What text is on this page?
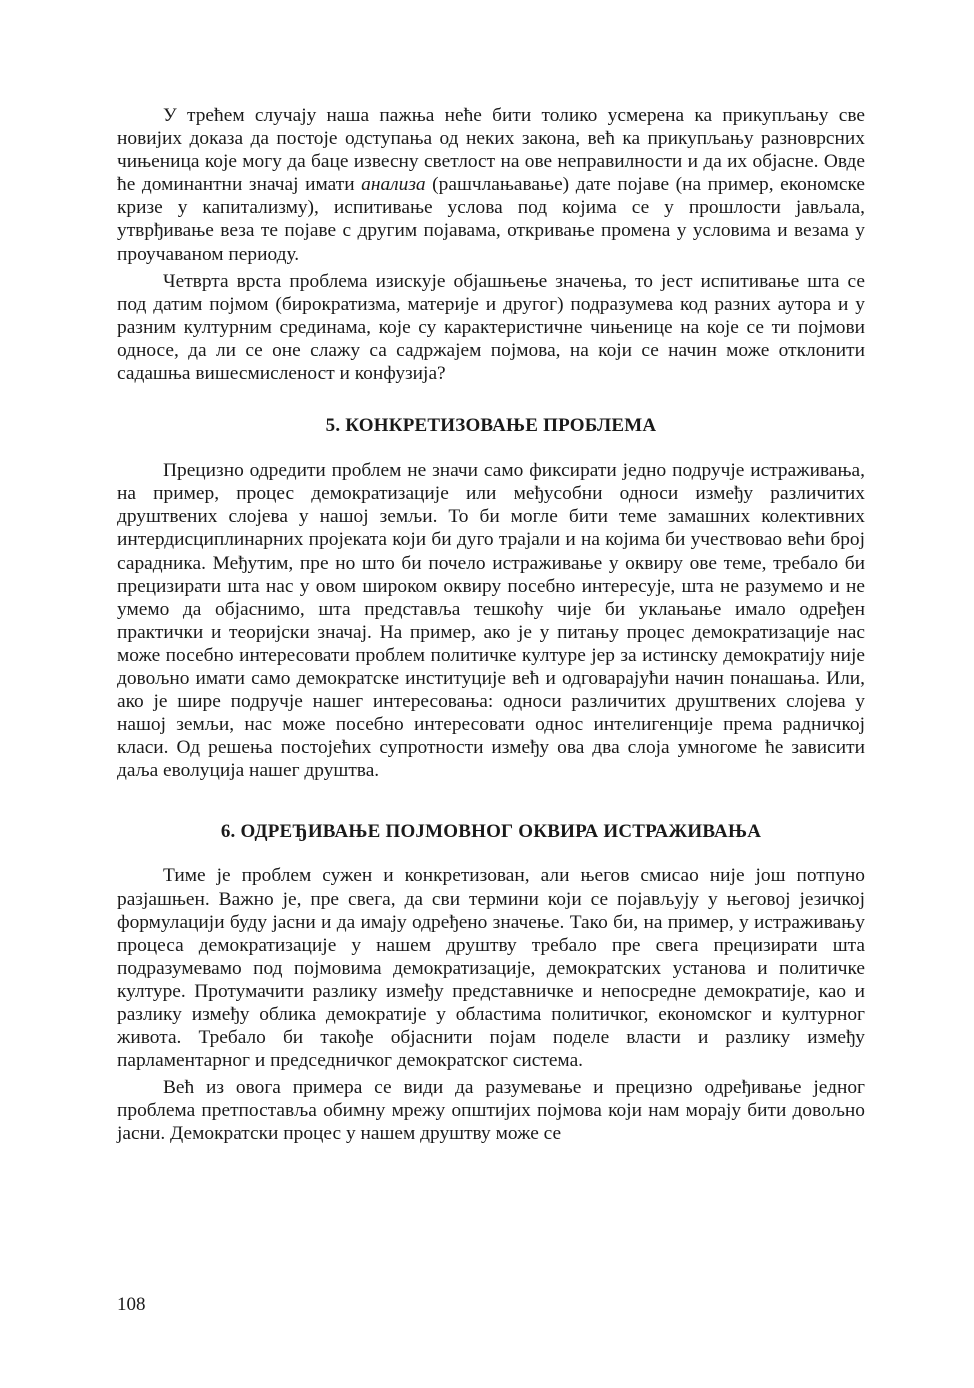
У трећем случају наша пажња неће бити толико усмерена ка прикупљању све новијих доказа да постоје одступања од неких закона, већ ка прикупљању разноврсних чињеница које могу да баце извесну светлост на ове неправилности и да их објасне. Овде ће доминантни значај имати анализа (рашчлањавање) дате појаве (на пример, економске кризе у капитализму), испитивање услова под којима се у прошлости јављала, утврђивање веза те појаве с другим појавама, откривање промена у условима и везама у проучаваном периоду.

Четврта врста проблема изискује објашњење значења, то јест испитивање шта се под датим појмом (бирократизма, материје и другог) подразумева код разних аутора и у разним културним срединама, које су карактеристичне чињенице на које се ти појмови односе, да ли се оне слажу са садржајем појмова, на који се начин може отклонити садашња вишесмисленост и конфузија?

5. КОНКРЕТИЗОВАЊЕ ПРОБЛЕМА

Прецизно одредити проблем не значи само фиксирати једно подручје истраживања, на пример, процес демократизације или међусобни односи између различитих друштвених слојева у нашој земљи. То би могле бити теме замашних колективних интердисциплинарних пројеката који би дуго трајали и на којима би учествовао већи број сарадника. Међутим, пре но што би почело истраживање у оквиру ове теме, требало би прецизирати шта нас у овом широком оквиру посебно интересује, шта не разумемо и не умемо да објаснимо, шта представља тешкоћу чије би уклањање имало одређен практички и теоријски значај. На пример, ако је у питању процес демократизације нас може посебно интересовати проблем политичке културе јер за истинску демократију није довољно имати само демократске институције већ и одговарајући начин понашања. Или, ако је шире подручје нашег интересовања: односи различитих друштвених слојева у нашој земљи, нас може посебно интересовати однос интелигенције према радничкој класи. Од решења постојећих супротности између ова два слоја умногоме ће зависити даља еволуција нашег друштва.

6. ОДРЕЂИВАЊЕ ПОЈМОВНОГ ОКВИРА ИСТРАЖИВАЊА

Тиме је проблем сужен и конкретизован, али његов смисао није још потпуно разјашњен. Важно је, пре свега, да сви термини који се појављују у његовој језичкој формулацији буду јасни и да имају одређено значење. Тако би, на пример, у истраживању процеса демократизације у нашем друштву требало пре свега прецизирати шта подразумевамо под појмовима демократизације, демократских установа и политичке културе. Протумачити разлику између представничке и непосредне демократије, као и разлику између облика демократије у областима политичког, економског и културног живота. Требало би такође објаснити појам поделе власти и разлику између парламентарног и председничког демократског система.

Већ из овога примера се види да разумевање и прецизно одређивање једног проблема претпоставља обимну мрежу општијих појмова који нам морају бити довољно јасни. Демократски процес у нашем друштву може се

108
